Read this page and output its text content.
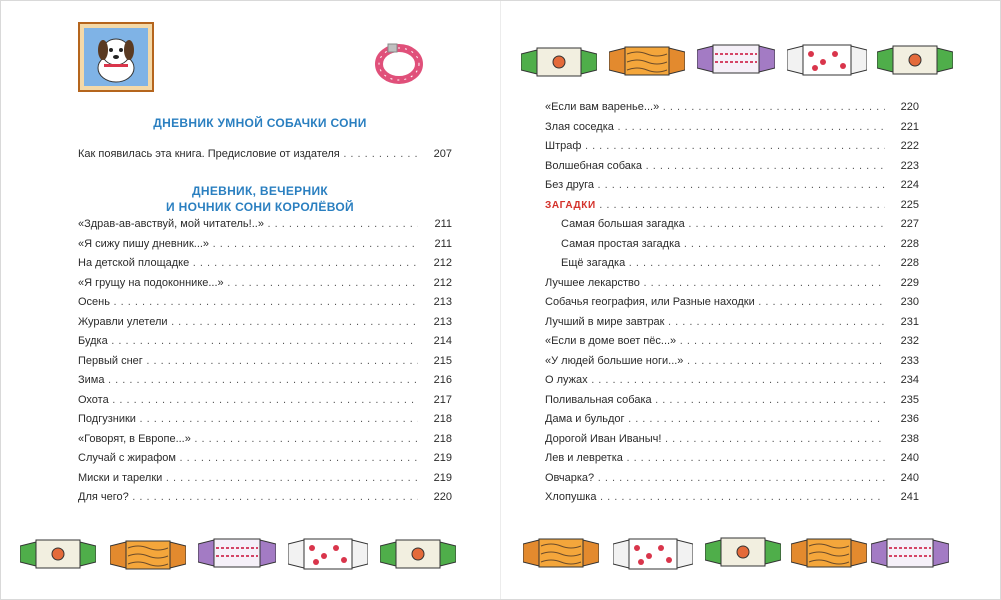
ДНЕВНИК УМНОЙ СОБАЧКИ СОНИ
Как появилась эта книга. Предисловие от издателя . . .	207
ДНЕВНИК, ВЕЧЕРНИК
И НОЧНИК СОНИ КОРОЛЁВОЙ
«Здрав-ав-авствуй, мой читатель!..» . . .	211
«Я сижу пишу дневник...» . . .	211
На детской площадке . . .	212
«Я грущу на подоконнике...» . . .	212
Осень . . .	213
Журавли улетели . . .	213
Будка . . .	214
Первый снег . . .	215
Зима . . .	216
Охота . . .	217
Подгузники . . .	218
«Говорят, в Европе...» . . .	218
Случай с жирафом . . .	219
Миски и тарелки . . .	219
Для чего? . . .	220
«Если вам варенье...» . . .	220
Злая соседка . . .	221
Штраф . . .	222
Волшебная собака . . .	223
Без друга . . .	224
ЗАГАДКИ . . .	225
Самая большая загадка . . .	227
Самая простая загадка . . .	228
Ещё загадка . . .	228
Лучшее лекарство . . .	229
Собачья география, или Разные находки . . .	230
Лучший в мире завтрак . . .	231
«Если в доме воет пёс...» . . .	232
«У людей большие ноги...» . . .	233
О лужах . . .	234
Поливальная собака . . .	235
Дама и бульдог . . .	236
Дорогой Иван Иваныч! . . .	238
Лев и левретка . . .	240
Овчарка? . . .	240
Хлопушка . . .	241
